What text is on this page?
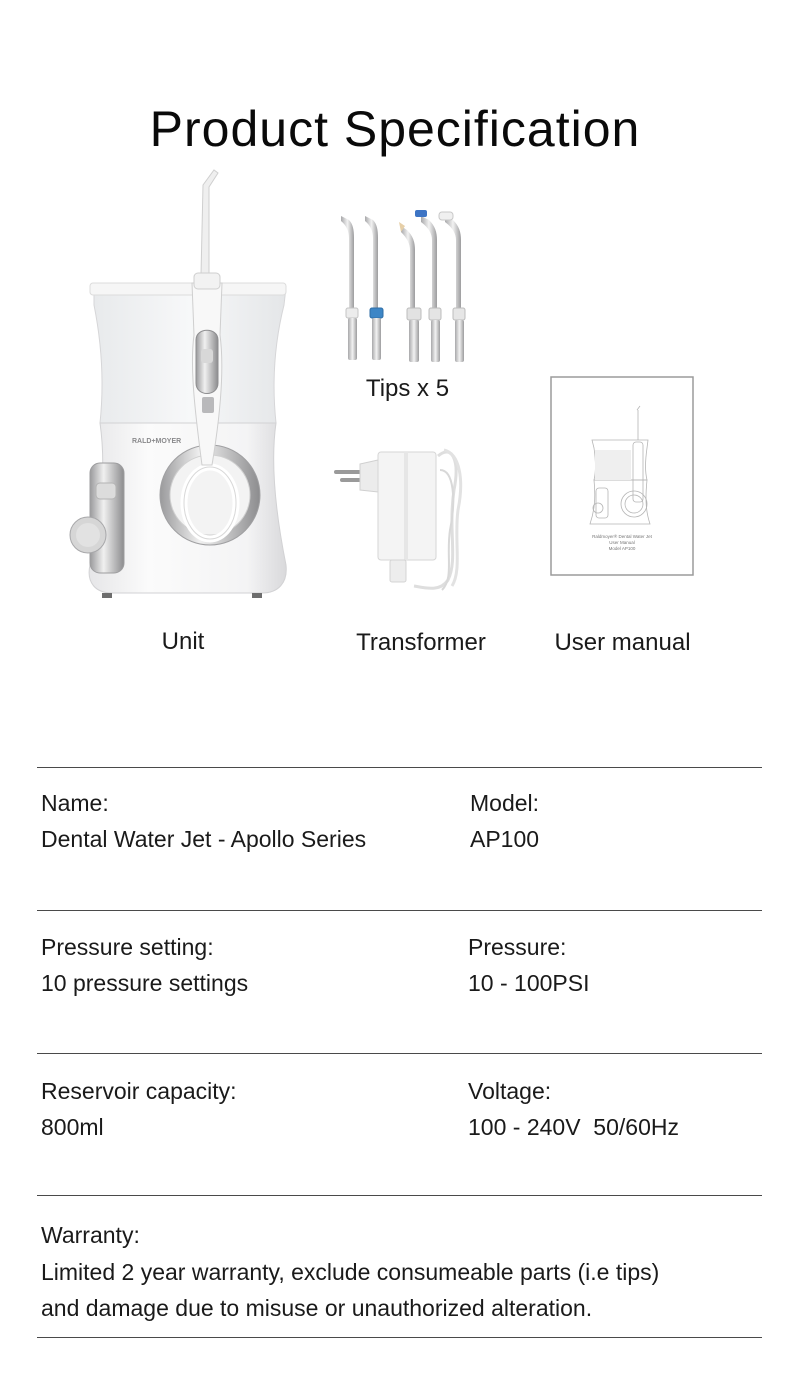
Product Specification
RALD+MOYER
Unit
Tips x 5
Transformer
Raldmoyer® Dental Water Jet
User Manual
Model AP100
User manual
Name:
Dental Water Jet - Apollo Series
Model:
AP100
Pressure setting:
10 pressure settings
Pressure:
10 - 100PSI
Reservoir capacity:
800ml
Voltage:
100 - 240V  50/60Hz
Warranty:
Limited 2 year warranty, exclude consumeable parts (i.e tips)
and damage due to misuse or unauthorized alteration.
